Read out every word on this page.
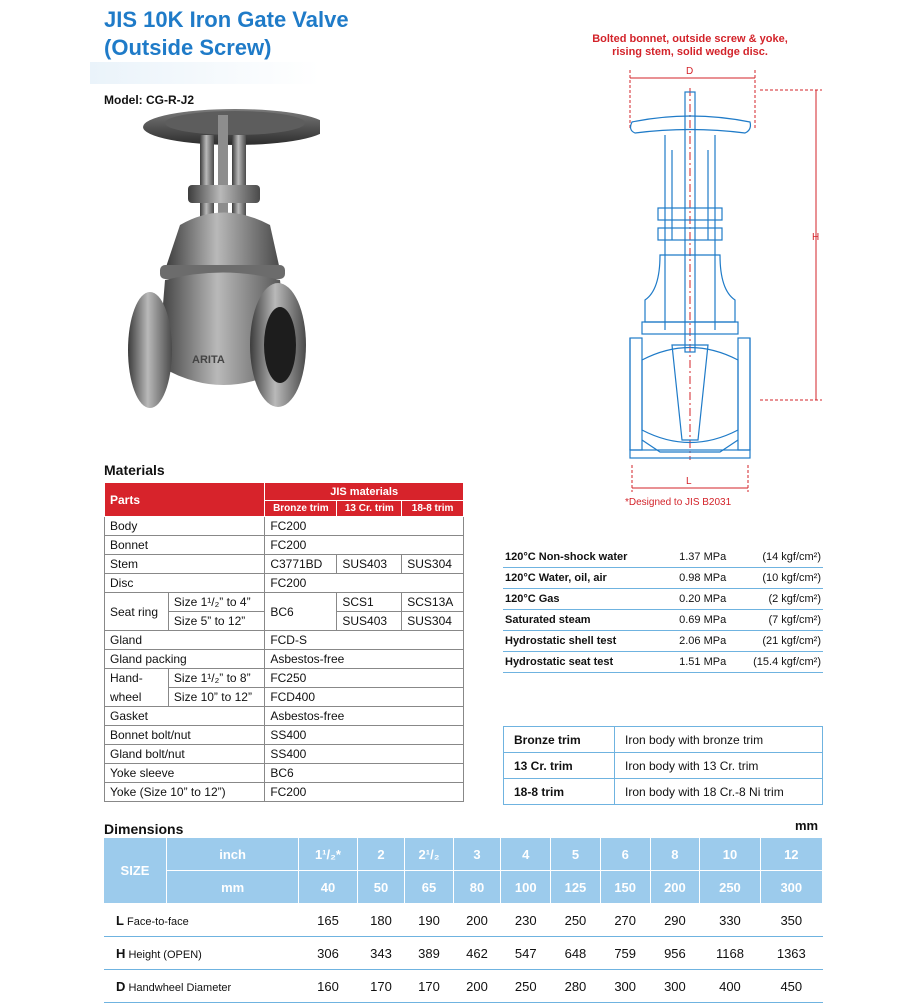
JIS 10K Iron Gate Valve
(Outside Screw)
Model: CG-R-J2
ARITA
Bolted bonnet, outside screw & yoke,
rising stem, solid wedge disc.
D
H
L
*Designed to JIS B2031
Materials
Parts		JIS materials		
		Bronze trim	13 Cr. trim	18-8 trim
Body		FC200		
Bonnet		FC200		
Stem		C3771BD	SUS403	SUS304
Disc		FC200		
Seat ring	Size 1¹/₂” to 4”	BC6	SCS1	SCS13A
	Size 5” to 12”		SUS403	SUS304
Gland		FCD-S		
Gland packing		Asbestos-free		
Hand-	Size 1¹/₂” to 8”	FC250		
wheel	Size 10” to 12”	FCD400		
Gasket		Asbestos-free		
Bonnet bolt/nut		SS400		
Gland bolt/nut		SS400		
Yoke sleeve		BC6		
Yoke (Size 10” to 12”)		FC200		
120°C Non-shock water	1.37 MPa	(14 kgf/cm²)
120°C Water, oil, air	0.98 MPa	(10 kgf/cm²)
120°C Gas	0.20 MPa	(2 kgf/cm²)
Saturated steam	0.69 MPa	(7 kgf/cm²)
Hydrostatic shell test	2.06 MPa	(21 kgf/cm²)
Hydrostatic seat test	1.51 MPa	(15.4 kgf/cm²)
Bronze trim	Iron body with bronze trim
13 Cr. trim	Iron body with 13 Cr. trim
18-8 trim	Iron body with 18 Cr.-8 Ni trim
Dimensions	mm
SIZE	inch	1¹/₂*	2	2¹/₂	3	4	5	6	8	10	12
	mm	40	50	65	80	100	125	150	200	250	300
L Face-to-face		165	180	190	200	230	250	270	290	330	350
H Height (OPEN)		306	343	389	462	547	648	759	956	1168	1363
D Handwheel Diameter		160	170	170	200	250	280	300	300	400	450
